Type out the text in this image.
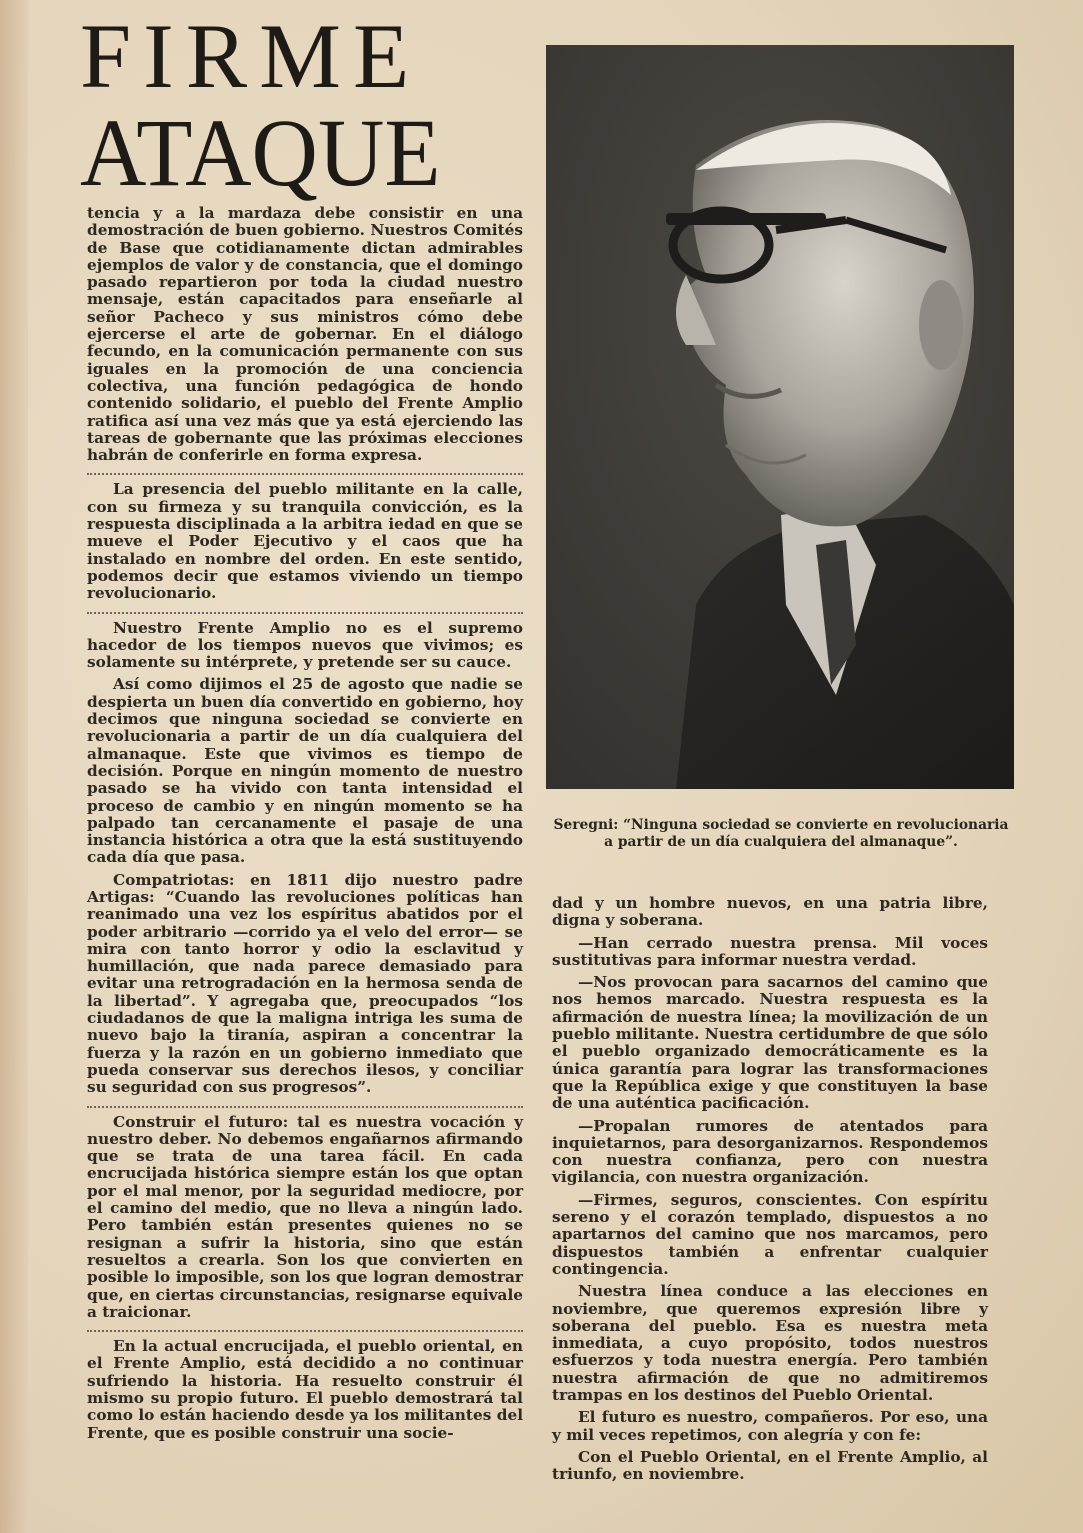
FIRME
ATAQUE

tencia y a la mardaza debe consistir en una demostración de buen gobierno. Nuestros Comités de Base que cotidianamente dictan admirables ejemplos de valor y de constancia, que el domingo pasado repartieron por toda la ciudad nuestro mensaje, están capacitados para enseñarle al señor Pacheco y sus ministros cómo debe ejercerse el arte de gobernar. En el diálogo fecundo, en la comunicación permanente con sus iguales en la promoción de una conciencia colectiva, una función pedagógica de hondo contenido solidario, el pueblo del Frente Amplio ratifica así una vez más que ya está ejerciendo las tareas de gobernante que las próximas elecciones habrán de conferirle en forma expresa.

La presencia del pueblo militante en la calle, con su firmeza y su tranquila convicción, es la respuesta disciplinada a la arbitra iedad en que se mueve el Poder Ejecutivo y el caos que ha instalado en nombre del orden. En este sentido, podemos decir que estamos viviendo un tiempo revolucionario.

Nuestro Frente Amplio no es el supremo hacedor de los tiempos nuevos que vivimos; es solamente su intérprete, y pretende ser su cauce.

Así como dijimos el 25 de agosto que nadie se despierta un buen día convertido en gobierno, hoy decimos que ninguna sociedad se convierte en revolucionaria a partir de un día cualquiera del almanaque. Este que vivimos es tiempo de decisión. Porque en ningún momento de nuestro pasado se ha vivido con tanta intensidad el proceso de cambio y en ningún momento se ha palpado tan cercanamente el pasaje de una instancia histórica a otra que la está sustituyendo cada día que pasa.

Compatriotas: en 1811 dijo nuestro padre Artigas: “Cuando las revoluciones políticas han reanimado una vez los espíritus abatidos por el poder arbitrario —corrido ya el velo del error— se mira con tanto horror y odio la esclavitud y humillación, que nada parece demasiado para evitar una retrogradación en la hermosa senda de la libertad”. Y agregaba que, preocupados “los ciudadanos de que la maligna intriga les suma de nuevo bajo la tiranía, aspiran a concentrar la fuerza y la razón en un gobierno inmediato que pueda conservar sus derechos ilesos, y conciliar su seguridad con sus progresos”.

Construir el futuro: tal es nuestra vocación y nuestro deber. No debemos engañarnos afirmando que se trata de una tarea fácil. En cada encrucijada histórica siempre están los que optan por el mal menor, por la seguridad mediocre, por el camino del medio, que no lleva a ningún lado. Pero también están presentes quienes no se resignan a sufrir la historia, sino que están resueltos a crearla. Son los que convierten en posible lo imposible, son los que logran demostrar que, en ciertas circunstancias, resignarse equivale a traicionar.

En la actual encrucijada, el pueblo oriental, en el Frente Amplio, está decidido a no continuar sufriendo la historia. Ha resuelto construir él mismo su propio futuro. El pueblo demostrará tal como lo están haciendo desde ya los militantes del Frente, que es posible construir una socie-

Seregni: “Ninguna sociedad se convierte en revolucionaria a partir de un día cualquiera del almanaque”.

dad y un hombre nuevos, en una patria libre, digna y soberana.

—Han cerrado nuestra prensa. Mil voces sustitutivas para informar nuestra verdad.

—Nos provocan para sacarnos del camino que nos hemos marcado. Nuestra respuesta es la afirmación de nuestra línea; la movilización de un pueblo militante. Nuestra certidumbre de que sólo el pueblo organizado democráticamente es la única garantía para lograr las transformaciones que la República exige y que constituyen la base de una auténtica pacificación.

—Propalan rumores de atentados para inquietarnos, para desorganizarnos. Respondemos con nuestra confianza, pero con nuestra vigilancia, con nuestra organización.

—Firmes, seguros, conscientes. Con espíritu sereno y el corazón templado, dispuestos a no apartarnos del camino que nos marcamos, pero dispuestos también a enfrentar cualquier contingencia.

Nuestra línea conduce a las elecciones en noviembre, que queremos expresión libre y soberana del pueblo. Esa es nuestra meta inmediata, a cuyo propósito, todos nuestros esfuerzos y toda nuestra energía. Pero también nuestra afirmación de que no admitiremos trampas en los destinos del Pueblo Oriental.

El futuro es nuestro, compañeros. Por eso, una y mil veces repetimos, con alegría y con fe:

Con el Pueblo Oriental, en el Frente Amplio, al triunfo, en noviembre.
